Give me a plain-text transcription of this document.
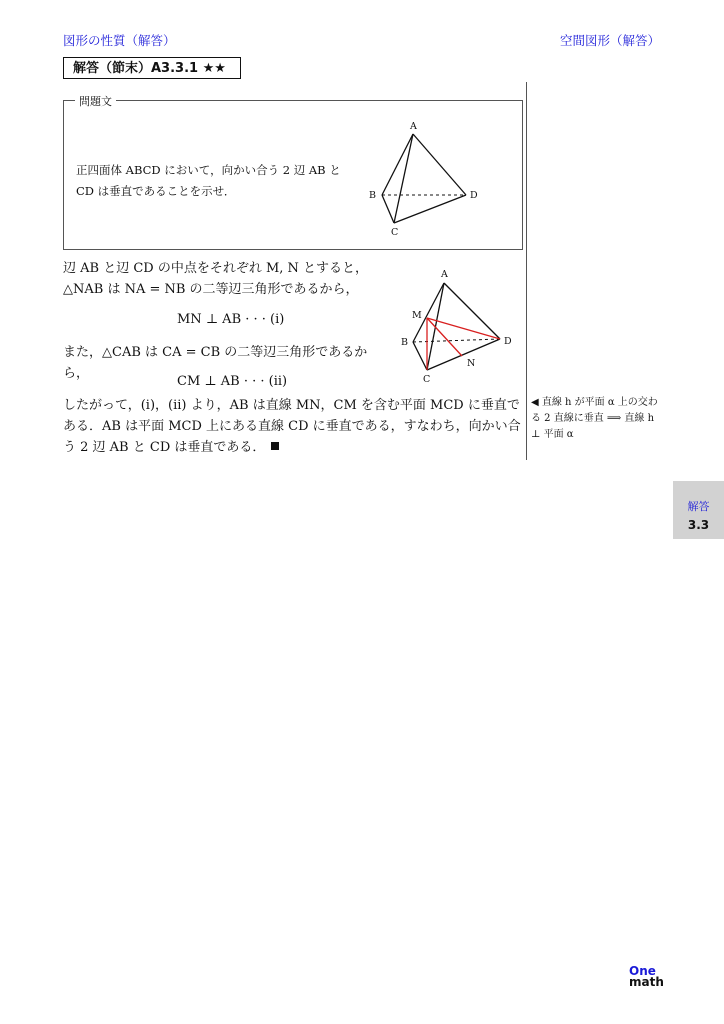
図形の性質（解答）	空間図形（解答）
解答（節末）A3.3.1 ★★
問題文
正四面体 ABCD において，向かい合う 2 辺 AB と CD は垂直であることを示せ．
A
B
C
D
辺 AB と辺 CD の中点をそれぞれ M, N とすると，△NAB は NA = NB の二等辺三角形であるから，
MN ⊥ AB · · · (i)
また，△CAB は CA = CB の二等辺三角形であるから，
CM ⊥ AB · · · (ii)
A
M
B
C
N
D
したがって，(i)，(ii) より，AB は直線 MN，CM を含む平面 MCD に垂直である．AB は平面 MCD 上にある直線 CD に垂直である，すなわち，向かい合う 2 辺 AB と CD は垂直である．
◀ 直線 h が平面 α 上の交わる 2 直線に垂直 ⟹ 直線 h ⊥ 平面 α
解答
3.3
One
math
